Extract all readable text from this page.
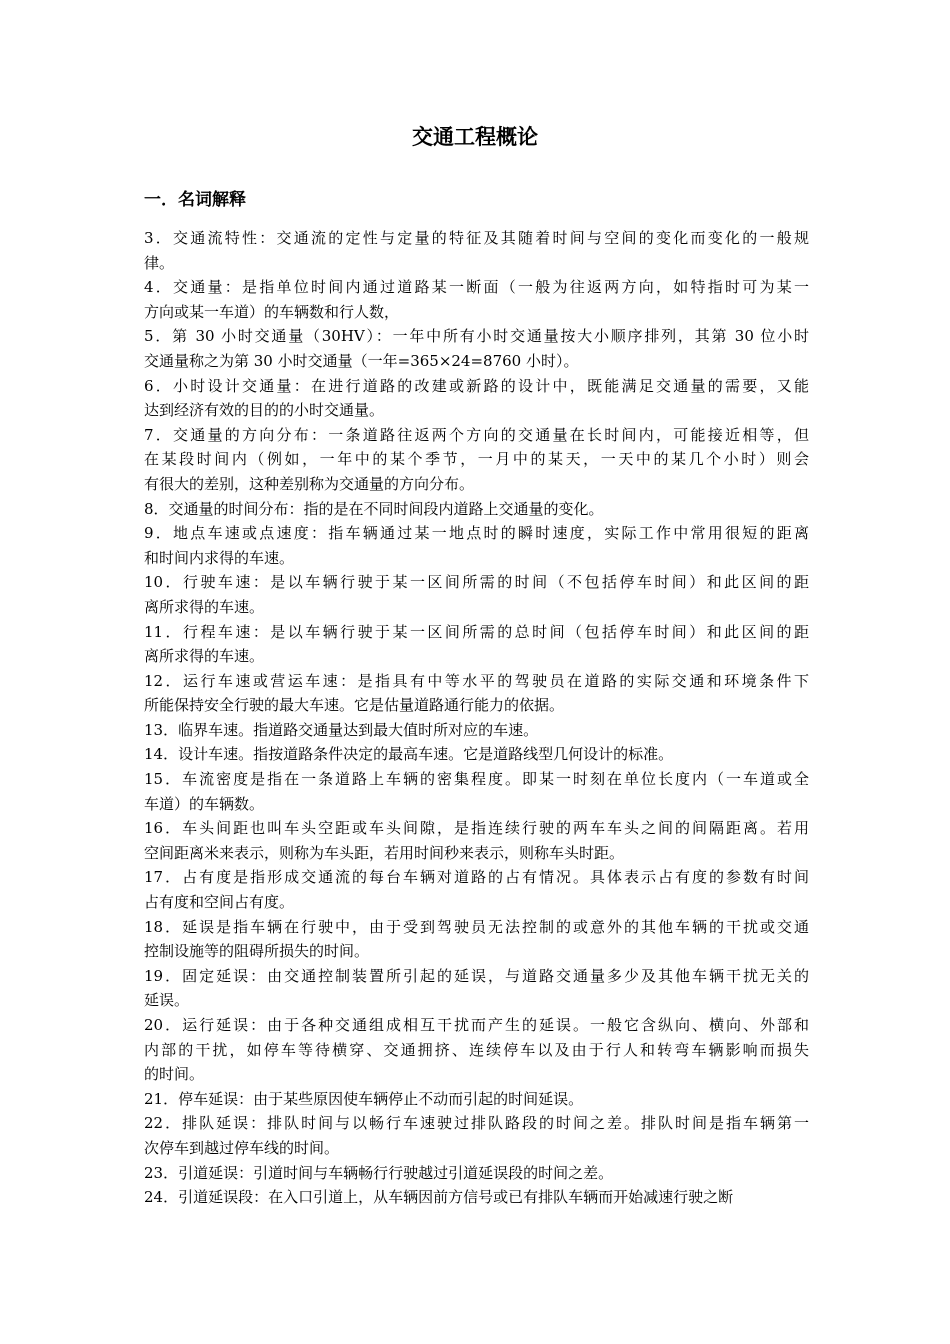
交通工程概论
一．名词解释

3．交通流特性：交通流的定性与定量的特征及其随着时间与空间的变化而变化的一般规
律。

4．交通量：是指单位时间内通过道路某一断面（一般为往返两方向，如特指时可为某一
方向或某一车道）的车辆数和行人数，

5．第 30 小时交通量（30HV）：一年中所有小时交通量按大小顺序排列，其第 30 位小时
交通量称之为第 30 小时交通量（一年=365×24=8760 小时）。

6．小时设计交通量：在进行道路的改建或新路的设计中，既能满足交通量的需要，又能
达到经济有效的目的的小时交通量。

7．交通量的方向分布：一条道路往返两个方向的交通量在长时间内，可能接近相等，但
在某段时间内（例如，一年中的某个季节，一月中的某天，一天中的某几个小时）则会
有很大的差别，这种差别称为交通量的方向分布。

8．交通量的时间分布：指的是在不同时间段内道路上交通量的变化。

9．地点车速或点速度：指车辆通过某一地点时的瞬时速度，实际工作中常用很短的距离
和时间内求得的车速。

10．行驶车速：是以车辆行驶于某一区间所需的时间（不包括停车时间）和此区间的距
离所求得的车速。

11．行程车速：是以车辆行驶于某一区间所需的总时间（包括停车时间）和此区间的距
离所求得的车速。

12．运行车速或营运车速：是指具有中等水平的驾驶员在道路的实际交通和环境条件下
所能保持安全行驶的最大车速。它是估量道路通行能力的依据。

13．临界车速。指道路交通量达到最大值时所对应的车速。

14．设计车速。指按道路条件决定的最高车速。它是道路线型几何设计的标准。

15．车流密度是指在一条道路上车辆的密集程度。即某一时刻在单位长度内（一车道或全
车道）的车辆数。

16．车头间距也叫车头空距或车头间隙，是指连续行驶的两车车头之间的间隔距离。若用
空间距离米来表示，则称为车头距，若用时间秒来表示，则称车头时距。

17．占有度是指形成交通流的每台车辆对道路的占有情况。具体表示占有度的参数有时间
占有度和空间占有度。

18．延误是指车辆在行驶中，由于受到驾驶员无法控制的或意外的其他车辆的干扰或交通
控制设施等的阻碍所损失的时间。

19．固定延误：由交通控制装置所引起的延误，与道路交通量多少及其他车辆干扰无关的
延误。

20．运行延误：由于各种交通组成相互干扰而产生的延误。一般它含纵向、横向、外部和
内部的干扰，如停车等待横穿、交通拥挤、连续停车以及由于行人和转弯车辆影响而损失
的时间。

21．停车延误：由于某些原因使车辆停止不动而引起的时间延误。

22．排队延误：排队时间与以畅行车速驶过排队路段的时间之差。排队时间是指车辆第一
次停车到越过停车线的时间。

23．引道延误：引道时间与车辆畅行行驶越过引道延误段的时间之差。

24．引道延误段：在入口引道上，从车辆因前方信号或已有排队车辆而开始减速行驶之断
